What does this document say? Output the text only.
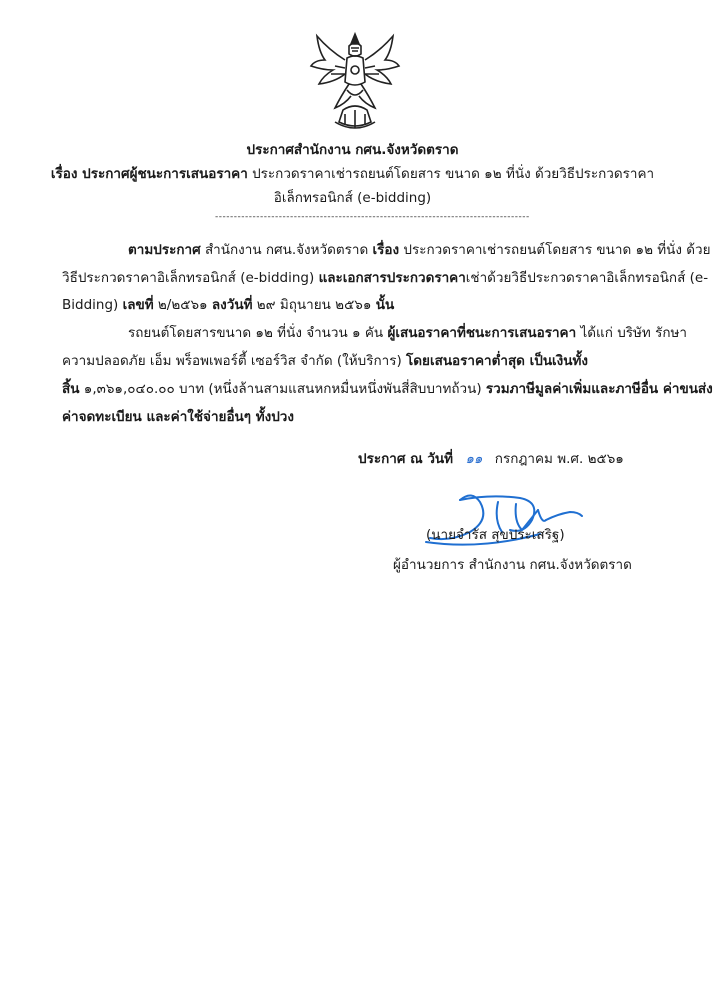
ประกาศสำนักงาน กศน.จังหวัดตราด
เรื่อง ประกาศผู้ชนะการเสนอราคา ประกวดราคาเช่ารถยนต์โดยสาร ขนาด ๑๒ ที่นั่ง ด้วยวิธีประกวดราคา
อิเล็กทรอนิกส์ (e-bidding)
------------------------------------------------------------------------------------
ตามประกาศ สำนักงาน กศน.จังหวัดตราด เรื่อง ประกวดราคาเช่ารถยนต์โดยสาร ขนาด ๑๒ ที่นั่ง ด้วย
วิธีประกวดราคาอิเล็กทรอนิกส์ (e-bidding) และเอกสารประกวดราคาเช่าด้วยวิธีประกวดราคาอิเล็กทรอนิกส์ (e-
Bidding) เลขที่ ๒/๒๕๖๑ ลงวันที่ ๒๙ มิถุนายน ๒๕๖๑ นั้น
รถยนต์โดยสารขนาด ๑๒ ที่นั่ง จำนวน ๑ คัน ผู้เสนอราคาที่ชนะการเสนอราคา ได้แก่ บริษัท รักษา
ความปลอดภัย เอ็ม พร็อพเพอร์ตี้ เซอร์วิส จำกัด (ให้บริการ) โดยเสนอราคาต่ำสุด เป็นเงินทั้ง
สิ้น ๑,๓๖๑,๐๔๐.๐๐ บาท (หนึ่งล้านสามแสนหกหมื่นหนึ่งพันสี่สิบบาทถ้วน) รวมภาษีมูลค่าเพิ่มและภาษีอื่น ค่าขนส่ง
ค่าจดทะเบียน และค่าใช้จ่ายอื่นๆ ทั้งปวง
ประกาศ ณ วันที่ ๑๑ กรกฎาคม พ.ศ. ๒๕๖๑
(นายจำรัส สุขประเสริฐ)
ผู้อำนวยการ สำนักงาน กศน.จังหวัดตราด
